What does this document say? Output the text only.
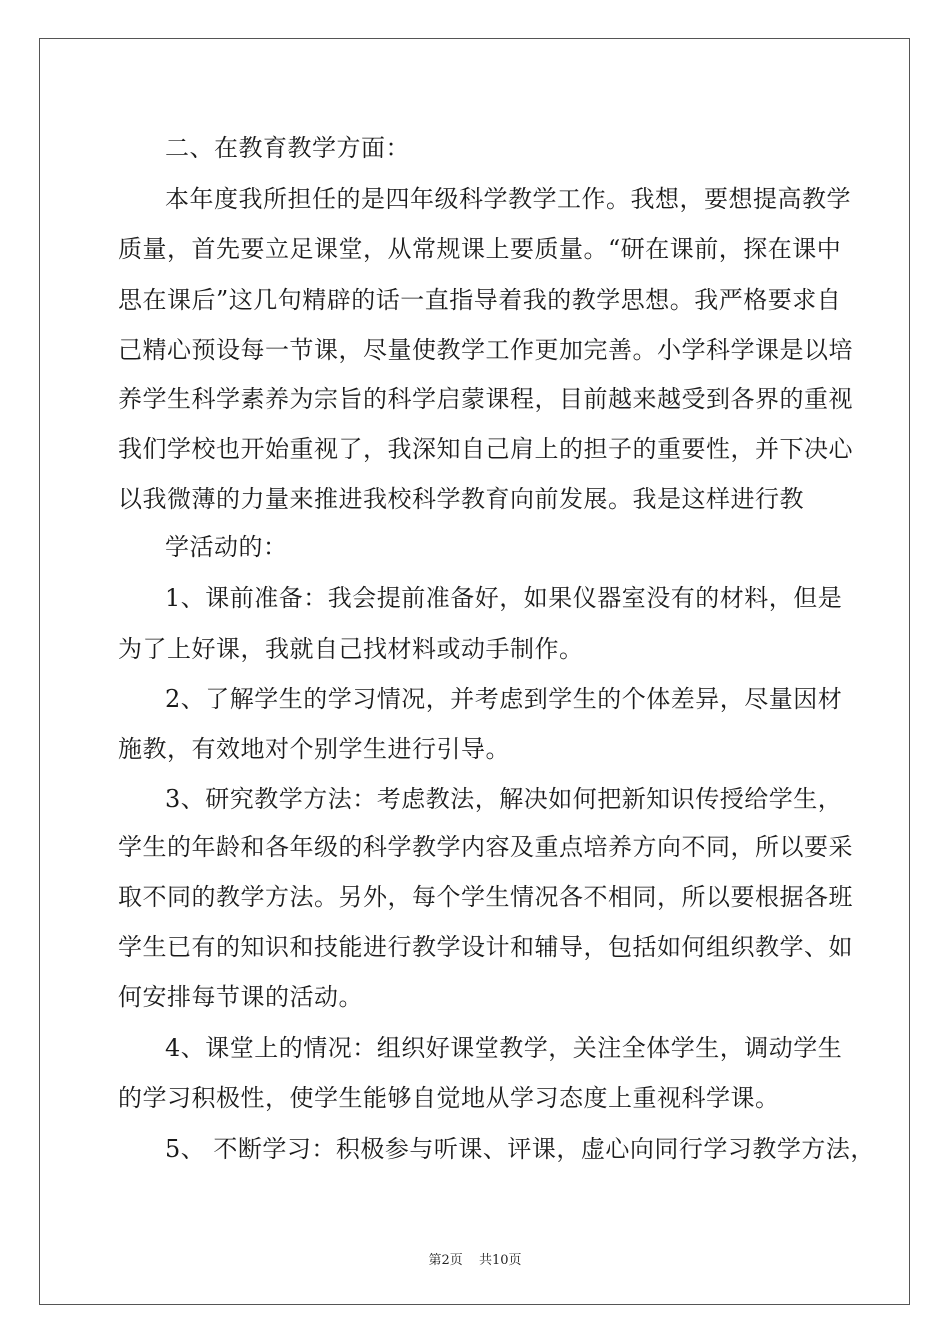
二、在教育教学方面：
本年度我所担任的是四年级科学教学工作。我想，要想提高教学
质量，首先要立足课堂，从常规课上要质量。“研在课前，探在课中
思在课后”这几句精辟的话一直指导着我的教学思想。我严格要求自
己精心预设每一节课，尽量使教学工作更加完善。小学科学课是以培
养学生科学素养为宗旨的科学启蒙课程，目前越来越受到各界的重视
我们学校也开始重视了，我深知自己肩上的担子的重要性，并下决心
以我微薄的力量来推进我校科学教育向前发展。我是这样进行教
学活动的：
1、课前准备：我会提前准备好，如果仪器室没有的材料，但是
为了上好课，我就自己找材料或动手制作。
2、了解学生的学习情况，并考虑到学生的个体差异，尽量因材
施教，有效地对个别学生进行引导。
3、研究教学方法：考虑教法，解决如何把新知识传授给学生，
学生的年龄和各年级的科学教学内容及重点培养方向不同，所以要采
取不同的教学方法。另外，每个学生情况各不相同，所以要根据各班
学生已有的知识和技能进行教学设计和辅导，包括如何组织教学、如
何安排每节课的活动。
4、课堂上的情况：组织好课堂教学，关注全体学生，调动学生
的学习积极性，使学生能够自觉地从学习态度上重视科学课。
5、 不断学习：积极参与听课、评课，虚心向同行学习教学方法，
第2页 共10页
